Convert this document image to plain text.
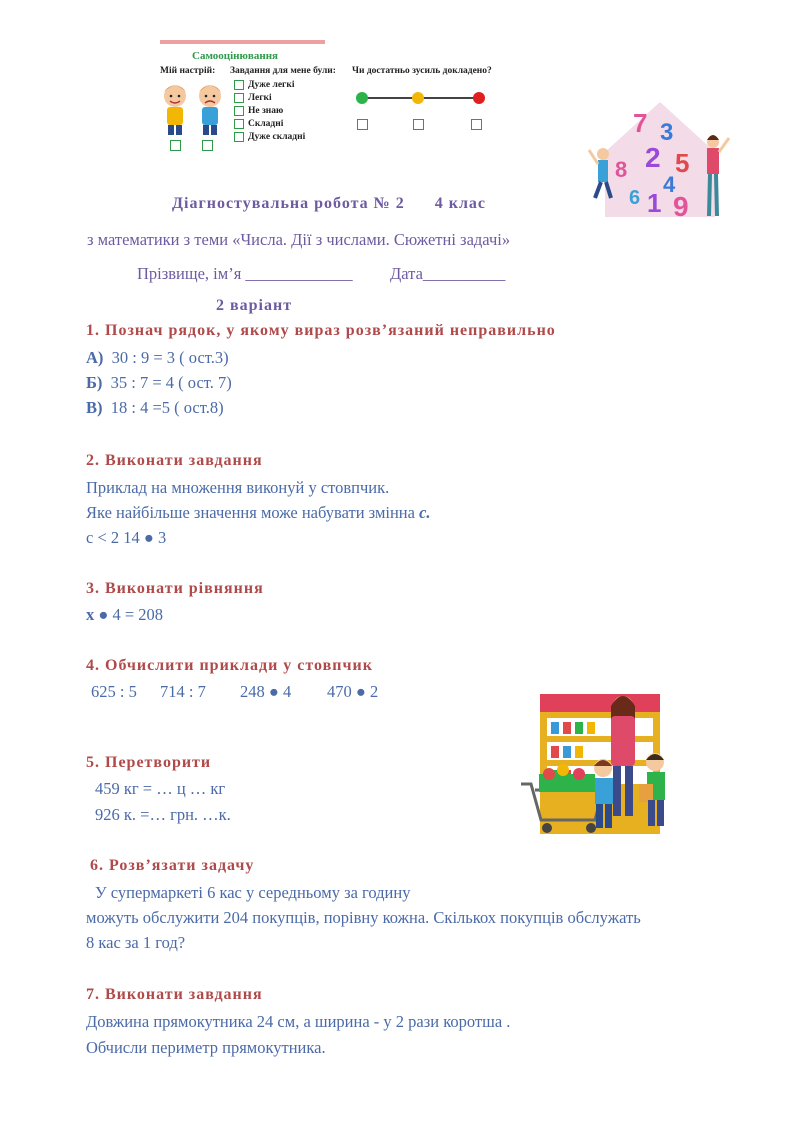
Самооцінювання
Мій настрій: Завдання для мене були: Чи достатньо зусиль докладено?
Дуже легкі
Легкі
Не знаю
Складні
Дуже складні	7 3
2
8 5
4
1 9
6
Діагностувальна робота № 2 4 клас
з математики з теми «Числа. Дії з числами. Сюжетні задачі»
Прізвище, ім’я _____________ Дата__________
2 варіант
1. Познач рядок, у якому вираз розв’язаний неправильно
А) 30 : 9 = 3 ( ост.3)
Б) 35 : 7 = 4 ( ост. 7)
В) 18 : 4 =5 ( ост.8)
2. Виконати завдання
Приклад на множення виконуй у стовпчик.
Яке найбільше значення може набувати змінна с.
с < 2 14 ● 3
3. Виконати рівняння
х ● 4 = 208
4. Обчислити приклади у стовпчик
625 : 5 714 : 7 248 ● 4 470 ● 2
5. Перетворити
459 кг = … ц … кг
926 к. =… грн. …к.
6. Розв’язати задачу
У супермаркеті 6 кас у середньому за годину
можуть обслужити 204 покупців, порівну кожна. Скількох покупців обслужать
8 кас за 1 год?
7. Виконати завдання
Довжина прямокутника 24 см, а ширина - у 2 рази коротша .
Обчисли периметр прямокутника.
